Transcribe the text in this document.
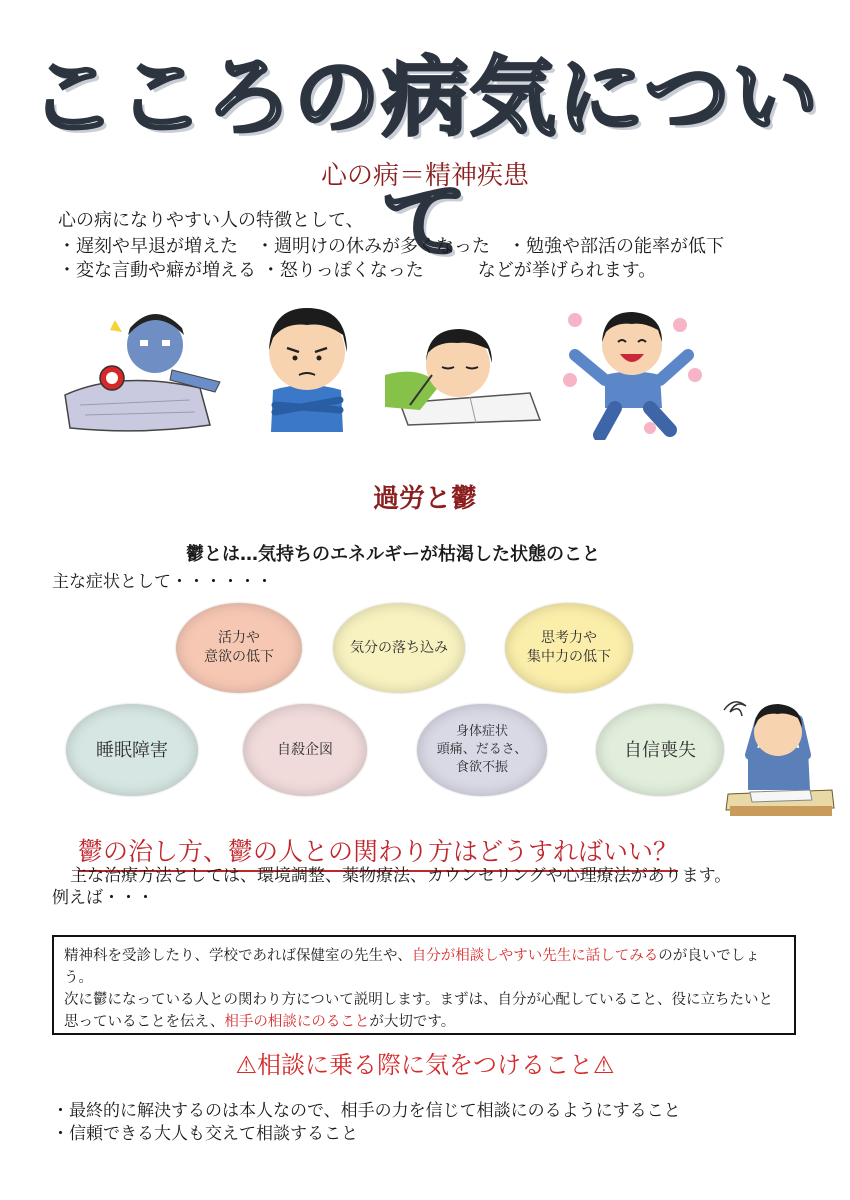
こころの病気について
心の病＝精神疾患
心の病になりやすい人の特徴として、
・遅刻や早退が増えた　・週明けの休みが多くなった　・勉強や部活の能率が低下
・変な言動や癖が増える ・怒りっぽくなった　　　などが挙げられます。
過労と鬱
鬱とは…気持ちのエネルギーが枯渇した状態のこと
主な症状として・・・・・・
活力や
意欲の低下
気分の落ち込み
思考力や
集中力の低下
睡眠障害	自殺企図
身体症状
頭痛、だるさ、
食欲不振
自信喪失
鬱の治し方、鬱の人との関わり方はどうすればいい？
主な治療方法としては、環境調整、薬物療法、カウンセリングや心理療法があります。
例えば・・・
精神科を受診したり、学校であれば保健室の先生や、自分が相談しやすい先生に話してみるのが良いでしょう。
次に鬱になっている人との関わり方について説明します。まずは、自分が心配していること、役に立ちたいと思っていることを伝え、相手の相談にのることが大切です。
⚠相談に乗る際に気をつけること⚠
・最終的に解決するのは本人なので、相手の力を信じて相談にのるようにすること
・信頼できる大人も交えて相談すること
